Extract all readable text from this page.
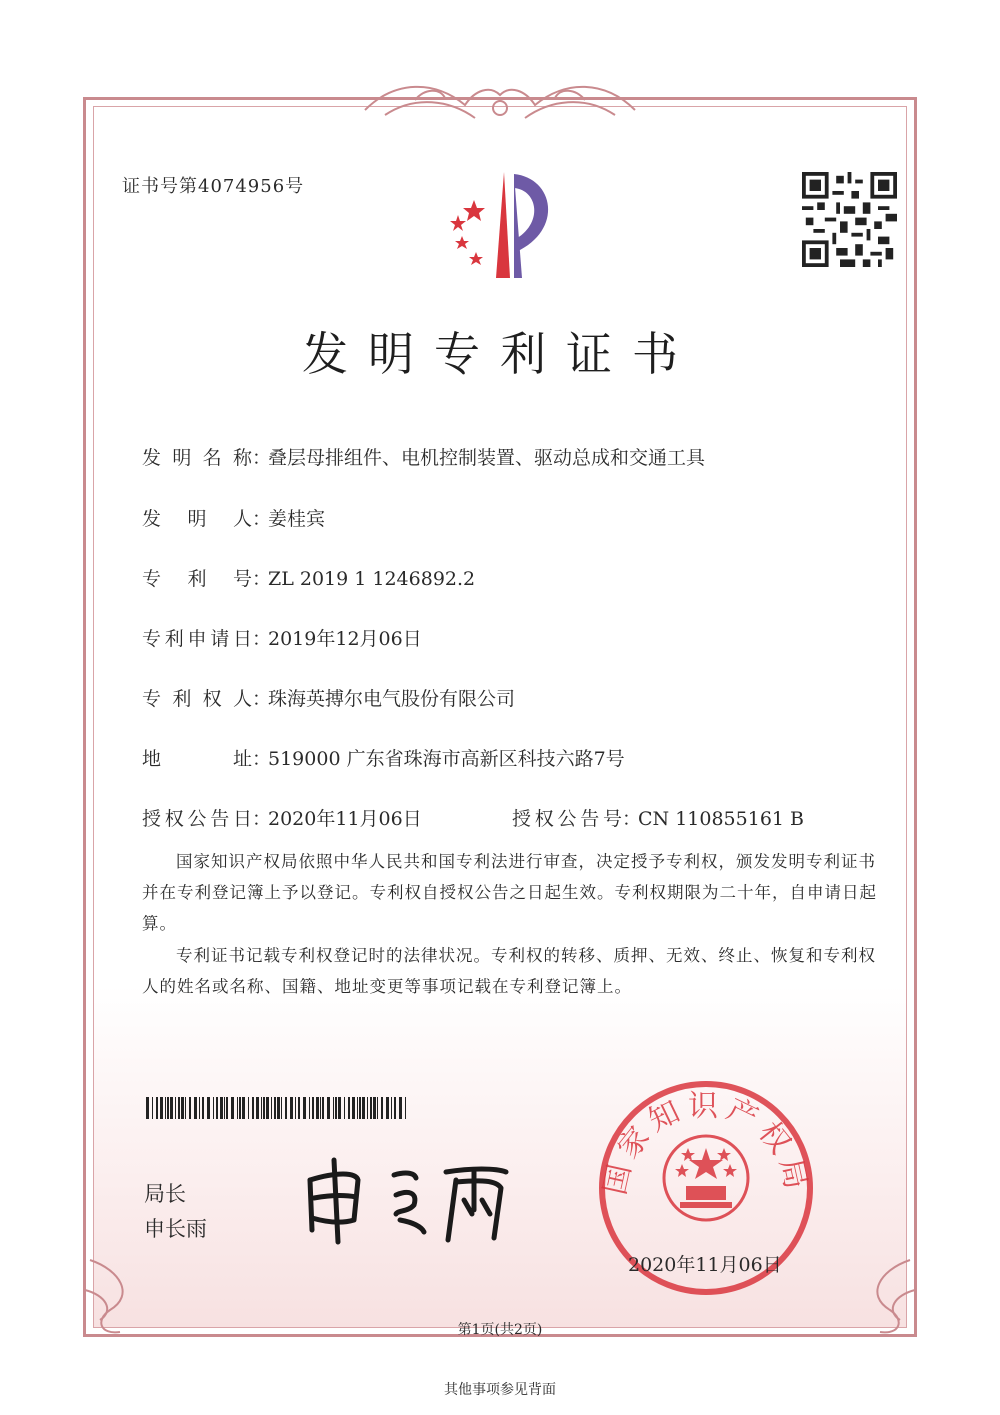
证书号第4074956号
发明专利证书
发 明 名 称 ：叠层母排组件、电机控制装置、驱动总成和交通工具
发 明 人 ：姜桂宾
专 利 号 ：ZL 2019 1 1246892.2
专 利 申 请 日 ：2019年12月06日
专 利 权 人 ：珠海英搏尔电气股份有限公司
地	址 ：519000 广东省珠海市高新区科技六路7号
授 权 公 告 日 ：2020年11月06日	授 权 公 告 号 ：CN 110855161 B
国家知识产权局依照中华人民共和国专利法进行审查，决定授予专利权，颁发发明专利证书并在专利登记簿上予以登记。专利权自授权公告之日起生效。专利权期限为二十年，自申请日起算。
专利证书记载专利权登记时的法律状况。专利权的转移、质押、无效、终止、恢复和专利权人的姓名或名称、国籍、地址变更等事项记载在专利登记簿上。
局长
申长雨
国家知识产权局
2020年11月06日
第1页(共2页)
其他事项参见背面
